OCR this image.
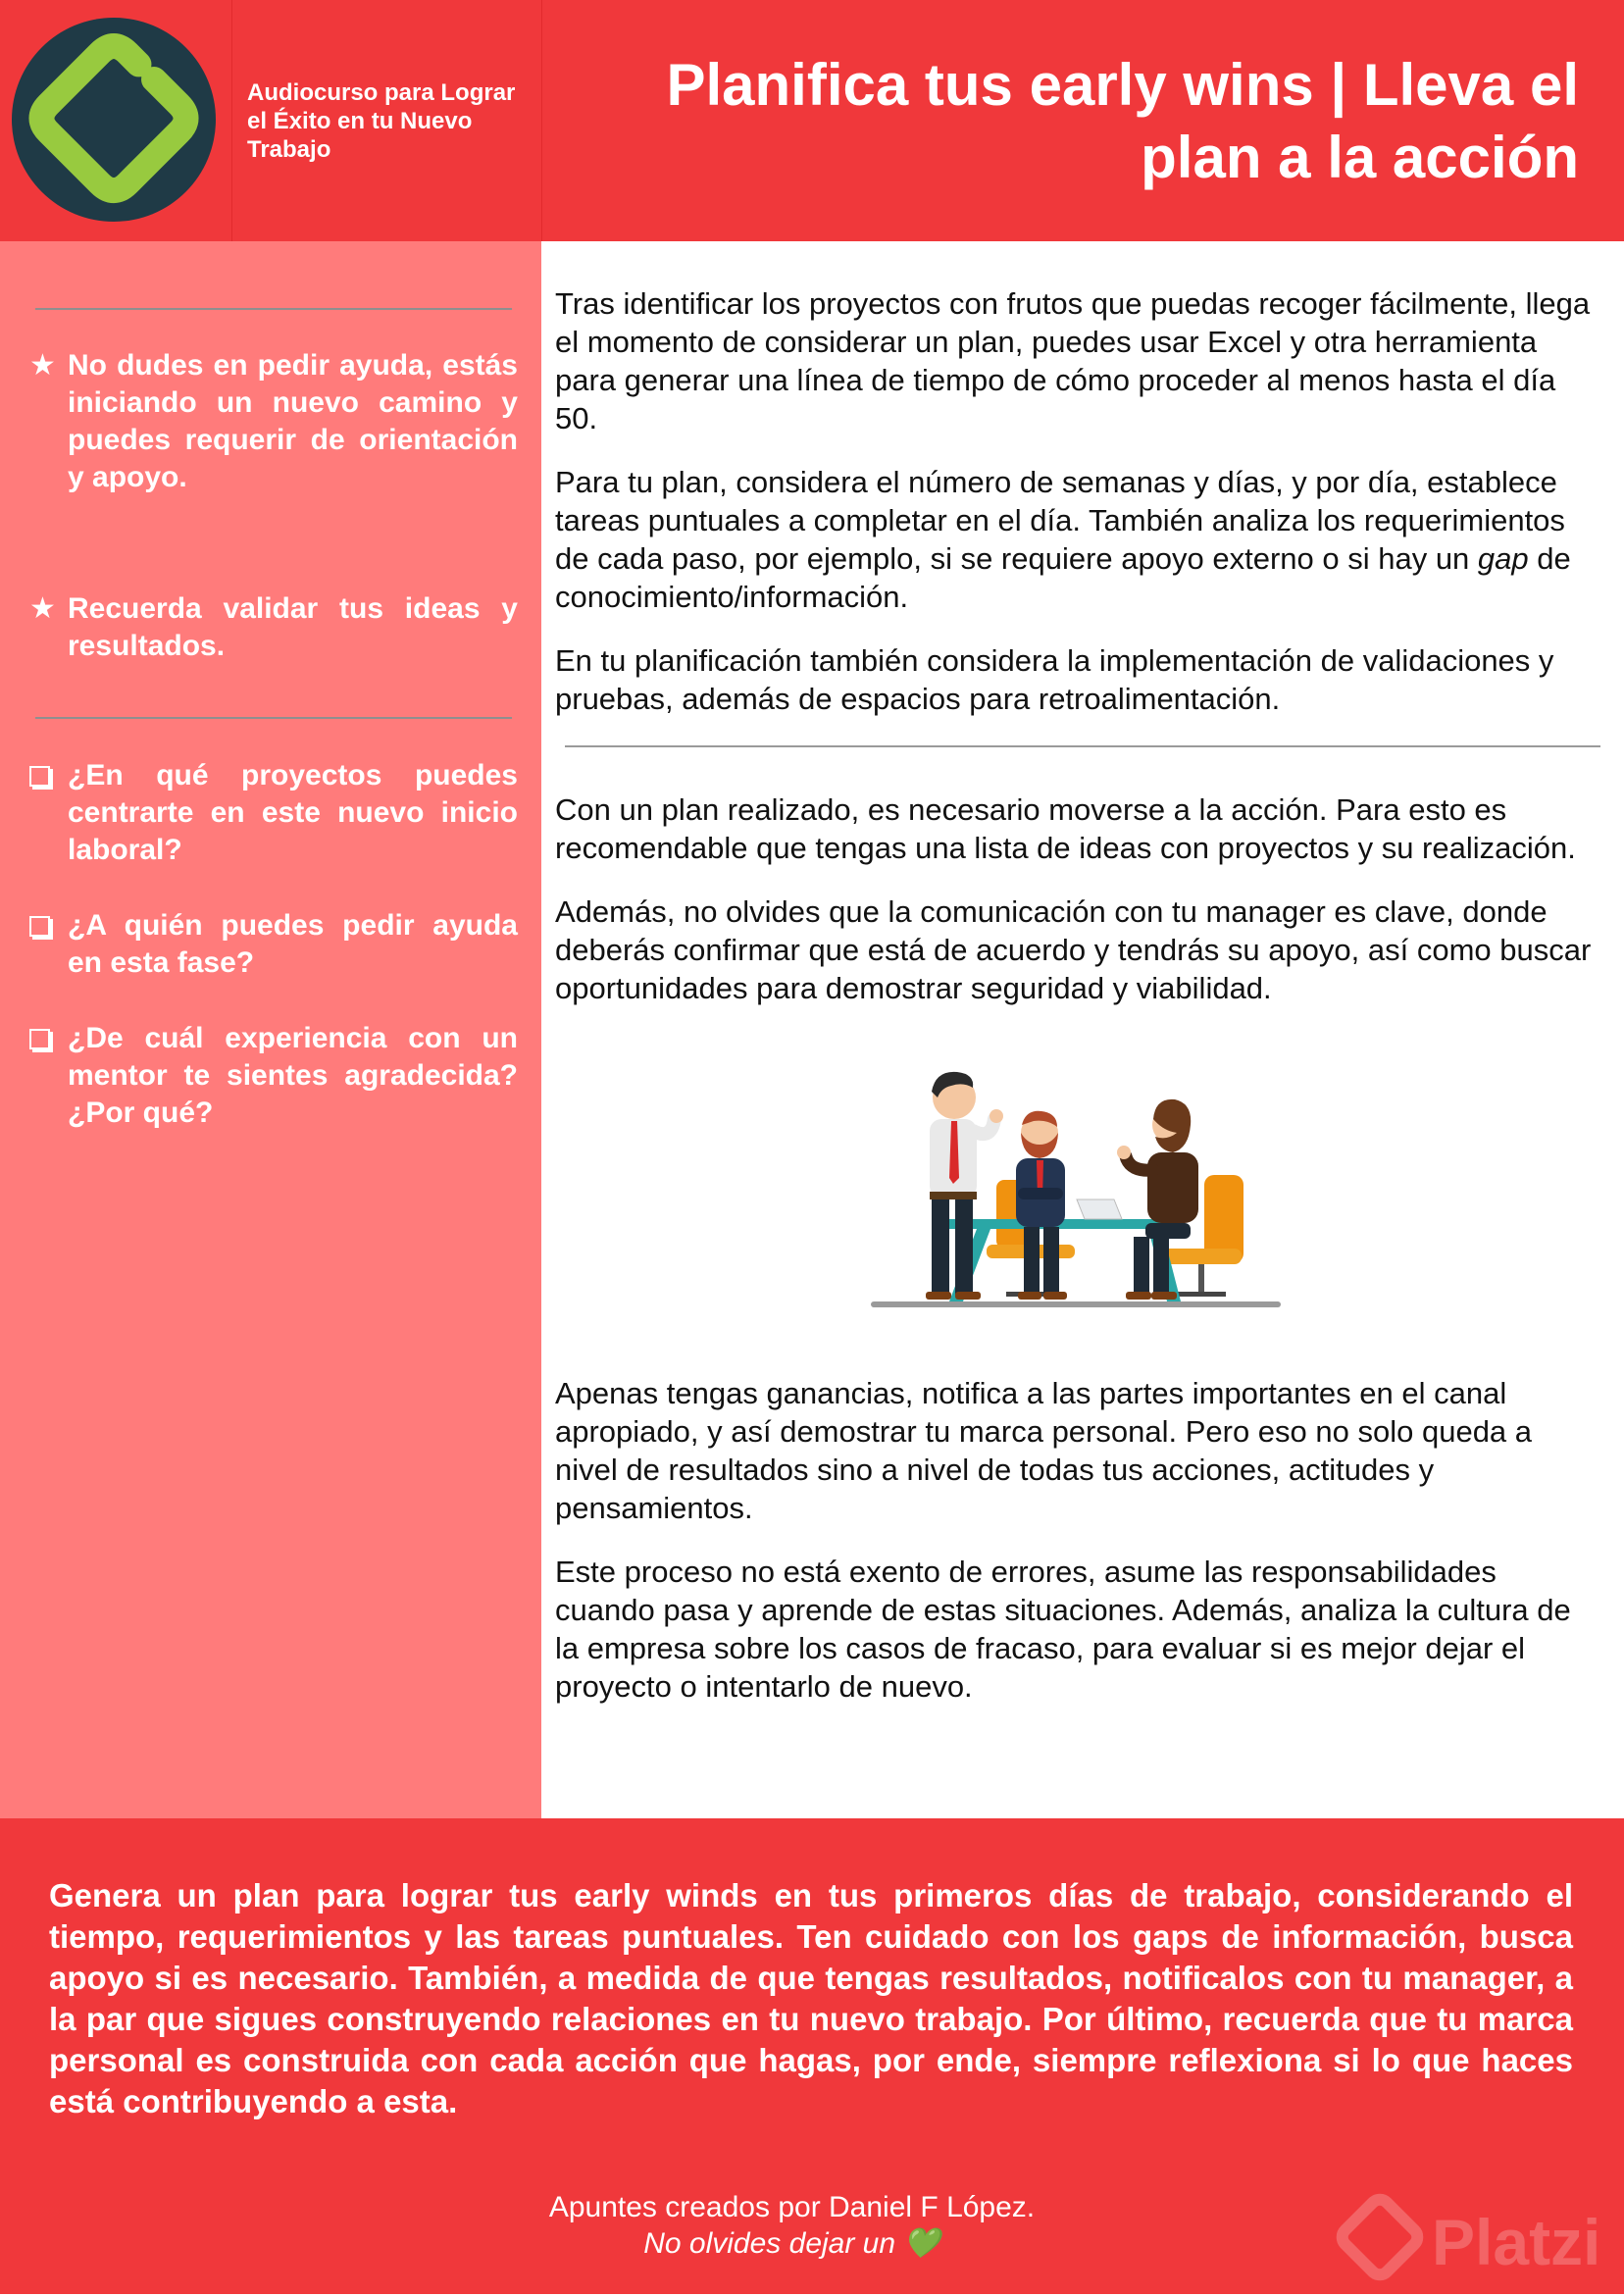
Audiocurso para Lograr el Éxito en tu Nuevo Trabajo
Planifica tus early wins | Lleva el plan a la acción
★ No dudes en pedir ayuda, estás iniciando un nuevo camino y puedes requerir de orientación y apoyo.
★ Recuerda validar tus ideas y resultados.
¿En qué proyectos puedes centrarte en este nuevo inicio laboral?
¿A quién puedes pedir ayuda en esta fase?
¿De cuál experiencia con un mentor te sientes agradecida?¿Por qué?

Tras identificar los proyectos con frutos que puedas recoger fácilmente, llega el momento de considerar un plan, puedes usar Excel y otra herramienta para generar una línea de tiempo de cómo proceder al menos hasta el día 50.

Para tu plan, considera el número de semanas y días, y por día, establece tareas puntuales a completar en el día. También analiza los requerimientos de cada paso, por ejemplo, si se requiere apoyo externo o si hay un gap de conocimiento/información.

En tu planificación también considera la implementación de validaciones y pruebas, además de espacios para retroalimentación.

Con un plan realizado, es necesario moverse a la acción. Para esto es recomendable que tengas una lista de ideas con proyectos y su realización.

Además, no olvides que la comunicación con tu manager es clave, donde deberás confirmar que está de acuerdo y tendrás su apoyo, así como buscar oportunidades para demostrar seguridad y viabilidad.

Apenas tengas ganancias, notifica a las partes importantes en el canal apropiado, y así demostrar tu marca personal. Pero eso no solo queda a nivel de resultados sino a nivel de todas tus acciones, actitudes y pensamientos.

Este proceso no está exento de errores, asume las responsabilidades cuando pasa y aprende de estas situaciones. Además, analiza la cultura de la empresa sobre los casos de fracaso, para evaluar si es mejor dejar el proyecto o intentarlo de nuevo.

Genera un plan para lograr tus early winds en tus primeros días de trabajo, considerando el tiempo, requerimientos y las tareas puntuales. Ten cuidado con los gaps de información, busca apoyo si es necesario. También, a medida de que tengas resultados, notificalos con tu manager, a la par que sigues construyendo relaciones en tu nuevo trabajo. Por último, recuerda que tu marca personal es construida con cada acción que hagas, por ende, siempre reflexiona si lo que haces está contribuyendo a esta.
Apuntes creados por Daniel F López.
No olvides dejar un 💚	Platzi
